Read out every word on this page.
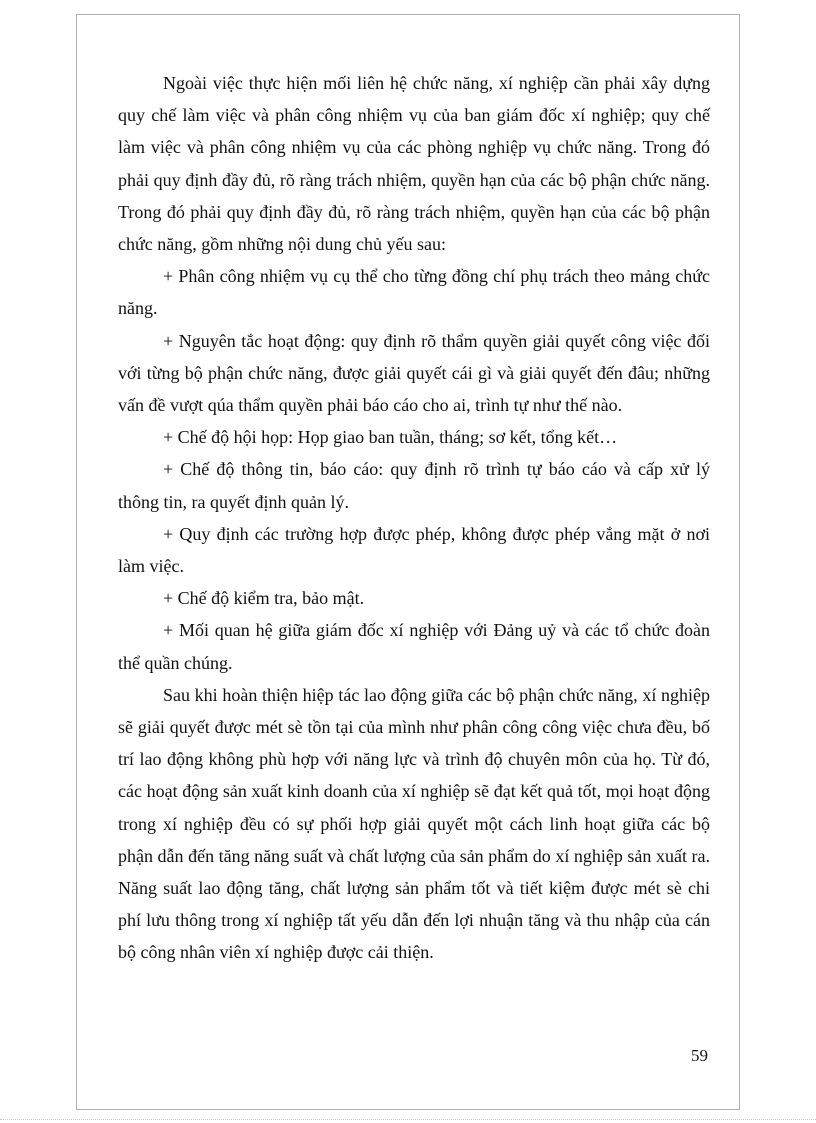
Ngoài việc thực hiện mối liên hệ chức năng, xí nghiệp cần phải xây dựng quy chế làm việc và phân công nhiệm vụ của ban giám đốc xí nghiệp; quy chế làm việc và phân công nhiệm vụ của các phòng nghiệp vụ chức năng. Trong đó phải quy định đầy đủ, rõ ràng trách nhiệm, quyền hạn của các bộ phận chức năng. Trong đó phải quy định đầy đủ, rõ ràng trách nhiệm, quyền hạn của các bộ phận chức năng, gồm những nội dung chủ yếu sau:

+ Phân công nhiệm vụ cụ thể cho từng đồng chí phụ trách theo mảng chức năng.

+ Nguyên tắc hoạt động: quy định rõ thẩm quyền giải quyết công việc đối với từng bộ phận chức năng, được giải quyết cái gì và giải quyết đến đâu; những vấn đề vượt qúa thẩm quyền phải báo cáo cho ai, trình tự như thế nào.

+ Chế độ hội họp: Họp giao ban tuần, tháng; sơ kết, tổng kết…

+ Chế độ thông tin, báo cáo: quy định rõ trình tự báo cáo và cấp xử lý thông tin, ra quyết định quản lý.

+ Quy định các trường hợp được phép, không được phép vắng mặt ở nơi làm việc.

+ Chế độ kiểm tra, bảo mật.

+ Mối quan hệ giữa giám đốc xí nghiệp với Đảng uỷ và các tổ chức đoàn thể quần chúng.

Sau khi hoàn thiện hiệp tác lao động giữa các bộ phận chức năng, xí nghiệp sẽ giải quyết được mét sè tồn tại của mình như phân công công việc chưa đều, bố trí lao động không phù hợp với năng lực và trình độ chuyên môn của họ. Từ đó, các hoạt động sản xuất kinh doanh của xí nghiệp sẽ đạt kết quả tốt, mọi hoạt động trong xí nghiệp đều có sự phối hợp giải quyết một cách linh hoạt giữa các bộ phận dẫn đến tăng năng suất và chất lượng của sản phẩm do xí nghiệp sản xuất ra. Năng suất lao động tăng, chất lượng sản phẩm tốt và tiết kiệm được mét sè chi phí lưu thông trong xí nghiệp tất yếu dẫn đến lợi nhuận tăng và thu nhập của cán bộ công nhân viên xí nghiệp được cải thiện.

59
